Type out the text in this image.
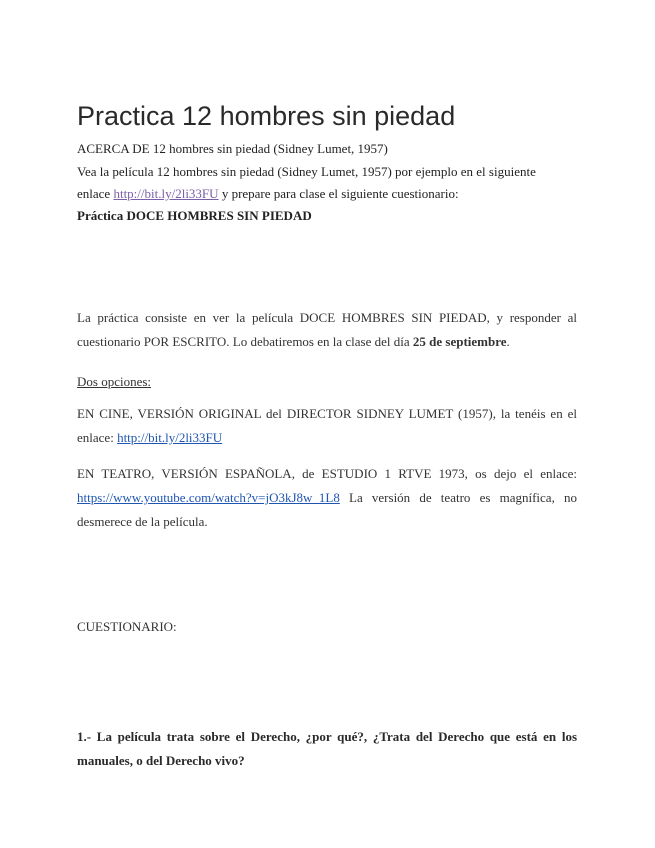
Practica 12 hombres sin piedad

ACERCA DE 12 hombres sin piedad (Sidney Lumet, 1957)

Vea la película 12 hombres sin piedad (Sidney Lumet, 1957) por ejemplo en el siguiente

enlace http://bit.ly/2li33FU y prepare para clase el siguiente cuestionario:

Práctica DOCE HOMBRES SIN PIEDAD

La práctica consiste en ver la película DOCE HOMBRES SIN PIEDAD, y responder al
cuestionario POR ESCRITO. Lo debatiremos en la clase del día 25 de septiembre.

Dos opciones:

EN CINE, VERSIÓN ORIGINAL del DIRECTOR SIDNEY LUMET (1957), la tenéis en el
enlace: http://bit.ly/2li33FU
EN TEATRO, VERSIÓN ESPAÑOLA, de ESTUDIO 1 RTVE 1973, os dejo el enlace:
https://www.youtube.com/watch?v=jO3kJ8w_1L8 La versión de teatro es magnífica, no
desmerece de la película.

CUESTIONARIO:

1.- La película trata sobre el Derecho, ¿por qué?, ¿Trata del Derecho que está en los
manuales, o del Derecho vivo?
